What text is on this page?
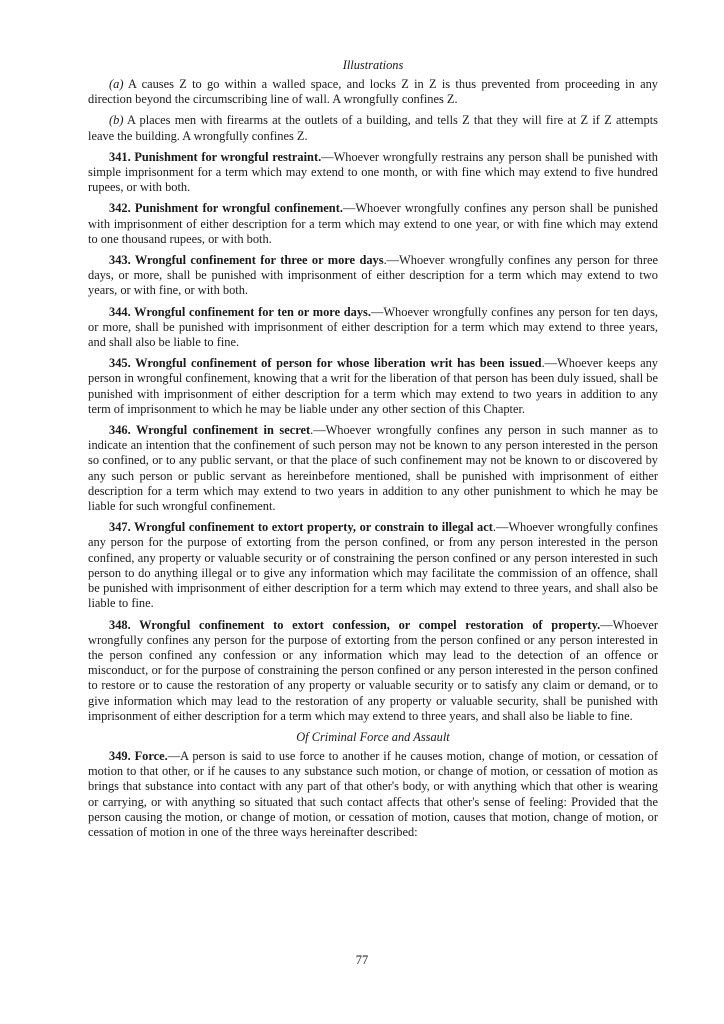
Illustrations

(a) A causes Z to go within a walled space, and locks Z in Z is thus prevented from proceeding in any direction beyond the circumscribing line of wall. A wrongfully confines Z.

(b) A places men with firearms at the outlets of a building, and tells Z that they will fire at Z if Z attempts leave the building. A wrongfully confines Z.

341. Punishment for wrongful restraint.—Whoever wrongfully restrains any person shall be punished with simple imprisonment for a term which may extend to one month, or with fine which may extend to five hundred rupees, or with both.

342. Punishment for wrongful confinement.—Whoever wrongfully confines any person shall be punished with imprisonment of either description for a term which may extend to one year, or with fine which may extend to one thousand rupees, or with both.

343. Wrongful confinement for three or more days.—Whoever wrongfully confines any person for three days, or more, shall be punished with imprisonment of either description for a term which may extend to two years, or with fine, or with both.

344. Wrongful confinement for ten or more days.—Whoever wrongfully confines any person for ten days, or more, shall be punished with imprisonment of either description for a term which may extend to three years, and shall also be liable to fine.

345. Wrongful confinement of person for whose liberation writ has been issued.—Whoever keeps any person in wrongful confinement, knowing that a writ for the liberation of that person has been duly issued, shall be punished with imprisonment of either description for a term which may extend to two years in addition to any term of imprisonment to which he may be liable under any other section of this Chapter.

346. Wrongful confinement in secret.—Whoever wrongfully confines any person in such manner as to indicate an intention that the confinement of such person may not be known to any person interested in the person so confined, or to any public servant, or that the place of such confinement may not be known to or discovered by any such person or public servant as hereinbefore mentioned, shall be punished with imprisonment of either description for a term which may extend to two years in addition to any other punishment to which he may be liable for such wrongful confinement.

347. Wrongful confinement to extort property, or constrain to illegal act.—Whoever wrongfully confines any person for the purpose of extorting from the person confined, or from any person interested in the person confined, any property or valuable security or of constraining the person confined or any person interested in such person to do anything illegal or to give any information which may facilitate the commission of an offence, shall be punished with imprisonment of either description for a term which may extend to three years, and shall also be liable to fine.

348. Wrongful confinement to extort confession, or compel restoration of property.—Whoever wrongfully confines any person for the purpose of extorting from the person confined or any person interested in the person confined any confession or any information which may lead to the detection of an offence or misconduct, or for the purpose of constraining the person confined or any person interested in the person confined to restore or to cause the restoration of any property or valuable security or to satisfy any claim or demand, or to give information which may lead to the restoration of any property or valuable security, shall be punished with imprisonment of either description for a term which may extend to three years, and shall also be liable to fine.

Of Criminal Force and Assault

349. Force.—A person is said to use force to another if he causes motion, change of motion, or cessation of motion to that other, or if he causes to any substance such motion, or change of motion, or cessation of motion as brings that substance into contact with any part of that other's body, or with anything which that other is wearing or carrying, or with anything so situated that such contact affects that other's sense of feeling: Provided that the person causing the motion, or change of motion, or cessation of motion, causes that motion, change of motion, or cessation of motion in one of the three ways hereinafter described:

77
